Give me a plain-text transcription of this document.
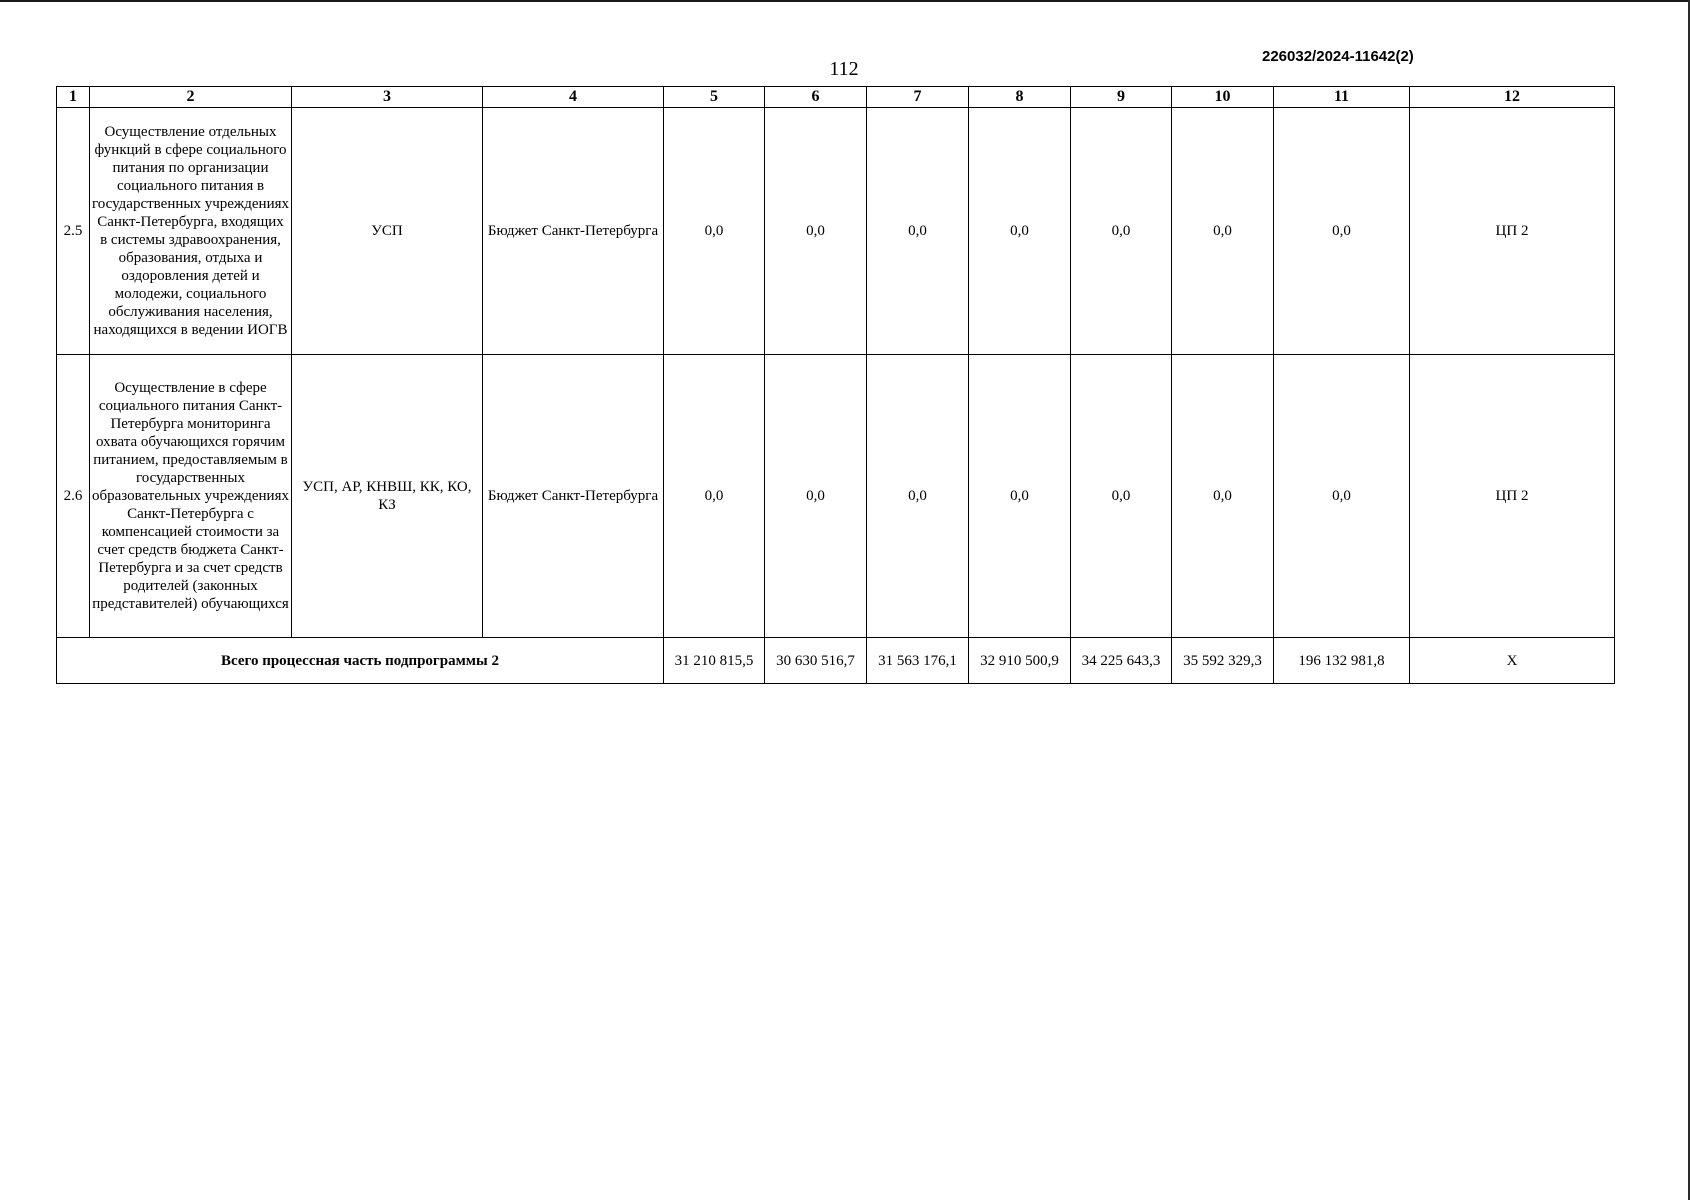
112
226032/2024-11642(2)
1	2	3	4	5	6	7	8	9	10	11	12
2.5	Осуществление отдельных функций в сфере социального питания по организации социального питания в государственных учреждениях Санкт-Петербурга, входящих в системы здравоохранения, образования, отдыха и оздоровления детей и молодежи, социального обслуживания населения, находящихся в ведении ИОГВ	УСП	Бюджет Санкт-Петербурга	0,0	0,0	0,0	0,0	0,0	0,0	0,0	ЦП 2
2.6	Осуществление в сфере социального питания Санкт-Петербурга мониторинга охвата обучающихся горячим питанием, предоставляемым в государственных образовательных учреждениях Санкт-Петербурга с компенсацией стоимости за счет средств бюджета Санкт-Петербурга и за счет средств родителей (законных представителей) обучающихся	УСП, АР, КНВШ, КК, КО, КЗ	Бюджет Санкт-Петербурга	0,0	0,0	0,0	0,0	0,0	0,0	0,0	ЦП 2
Всего процессная часть подпрограммы 2				31 210 815,5	30 630 516,7	31 563 176,1	32 910 500,9	34 225 643,3	35 592 329,3	196 132 981,8	Х
